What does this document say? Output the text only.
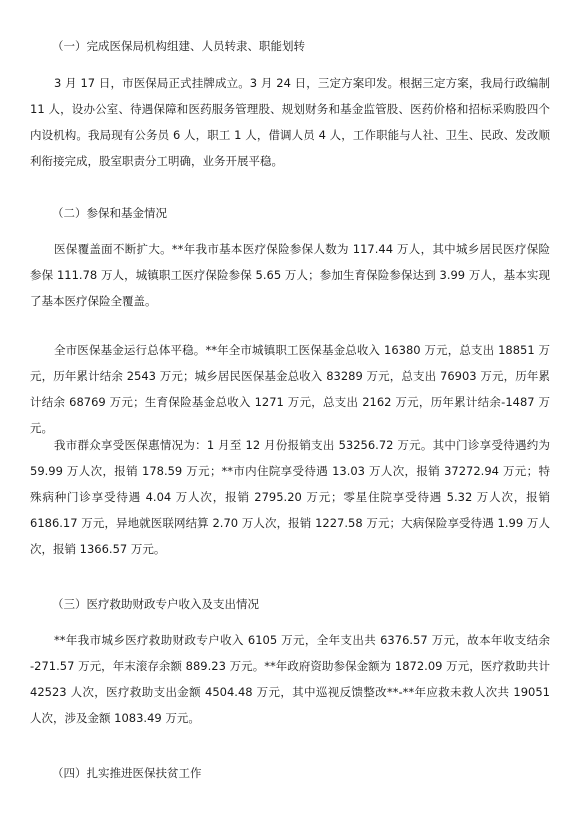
（一）完成医保局机构组建、人员转隶、职能划转

3 月 17 日，市医保局正式挂牌成立。3 月 24 日，三定方案印发。根据三定方案，我局行政编制 11 人，设办公室、待遇保障和医药服务管理股、规划财务和基金监管股、医药价格和招标采购股四个内设机构。我局现有公务员 6 人，职工 1 人，借调人员 4 人，工作职能与人社、卫生、民政、发改顺利衔接完成，股室职责分工明确，业务开展平稳。

（二）参保和基金情况

医保覆盖面不断扩大。**年我市基本医疗保险参保人数为 117.44 万人，其中城乡居民医疗保险参保 111.78 万人，城镇职工医疗保险参保 5.65 万人；参加生育保险参保达到 3.99 万人，基本实现了基本医疗保险全覆盖。

全市医保基金运行总体平稳。**年全市城镇职工医保基金总收入 16380 万元，总支出 18851 万元，历年累计结余 2543 万元；城乡居民医保基金总收入 83289 万元，总支出 76903 万元，历年累计结余 68769 万元；生育保险基金总收入 1271 万元，总支出 2162 万元，历年累计结余-1487 万元。

我市群众享受医保惠情况为：1 月至 12 月份报销支出 53256.72 万元。其中门诊享受待遇约为 59.99 万人次，报销 178.59 万元；**市内住院享受待遇 13.03 万人次，报销 37272.94 万元；特殊病种门诊享受待遇 4.04 万人次，报销 2795.20 万元；零星住院享受待遇 5.32 万人次，报销 6186.17 万元，异地就医联网结算 2.70 万人次，报销 1227.58 万元；大病保险享受待遇 1.99 万人次，报销 1366.57 万元。

（三）医疗救助财政专户收入及支出情况

**年我市城乡医疗救助财政专户收入 6105 万元，全年支出共 6376.57 万元，故本年收支结余 -271.57 万元，年末滚存余额 889.23 万元。**年政府资助参保金额为 1872.09 万元，医疗救助共计 42523 人次，医疗救助支出金额 4504.48 万元，其中巡视反馈整改**-**年应救未救人次共 19051 人次，涉及金额 1083.49 万元。

（四）扎实推进医保扶贫工作
